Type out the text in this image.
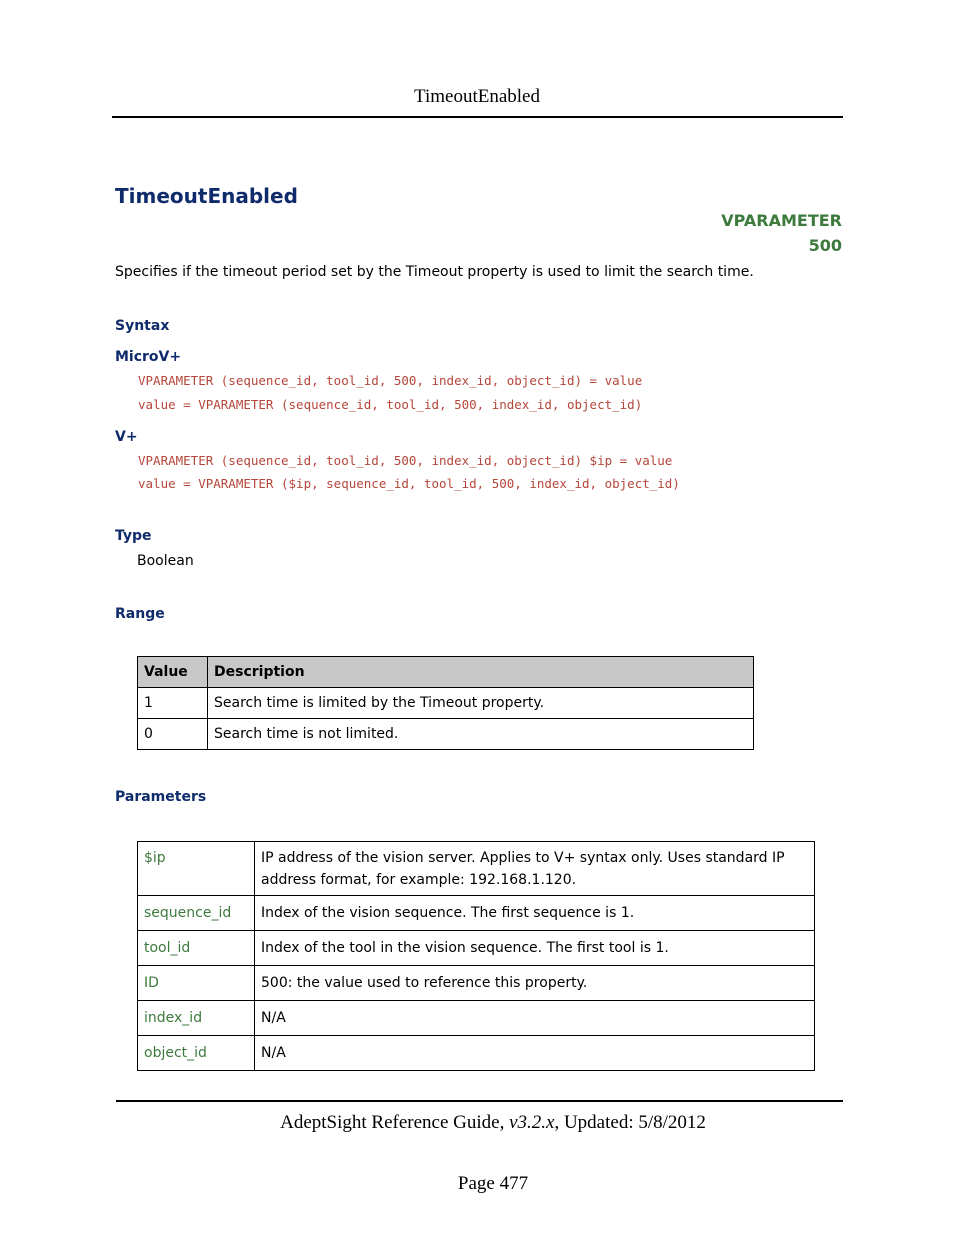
TimeoutEnabled
TimeoutEnabled
VPARAMETER
500
Specifies if the timeout period set by the Timeout property is used to limit the search time.
Syntax
MicroV+
VPARAMETER (sequence_id, tool_id, 500, index_id, object_id) = value
value = VPARAMETER (sequence_id, tool_id, 500, index_id, object_id)
V+
VPARAMETER (sequence_id, tool_id, 500, index_id, object_id) $ip = value
value = VPARAMETER ($ip, sequence_id, tool_id, 500, index_id, object_id)
Type
Boolean
Range
Value	Description
1	Search time is limited by the Timeout property.
0	Search time is not limited.
Parameters
$ip	IP address of the vision server. Applies to V+ syntax only. Uses standard IP address format, for example: 192.168.1.120.
sequence_id	Index of the vision sequence. The first sequence is 1.
tool_id	Index of the tool in the vision sequence. The first tool is 1.
ID	500: the value used to reference this property.
index_id	N/A
object_id	N/A
AdeptSight Reference Guide, v3.2.x, Updated: 5/8/2012
Page 477
